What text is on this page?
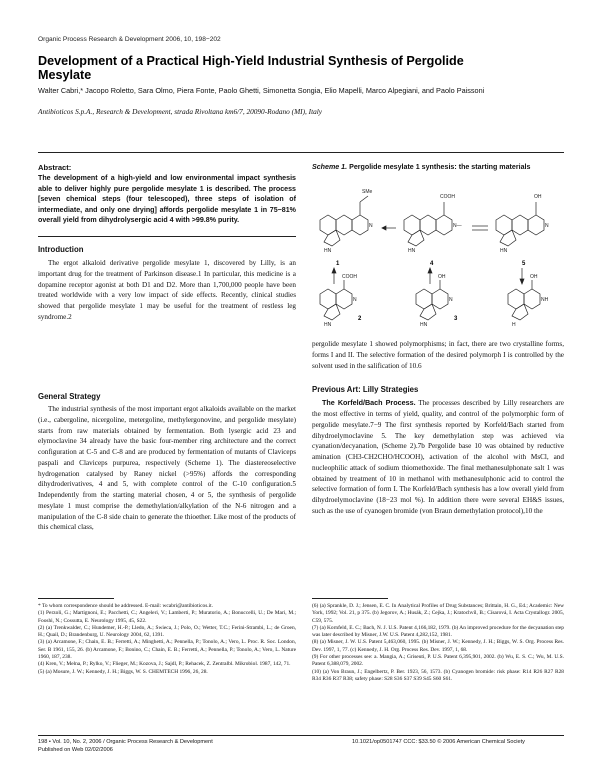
Organic Process Research & Development 2006, 10, 198−202
Development of a Practical High-Yield Industrial Synthesis of Pergolide Mesylate
Walter Cabri,* Jacopo Roletto, Sara Olmo, Piera Fonte, Paolo Ghetti, Simonetta Songia, Elio Mapelli, Marco Alpegiani, and Paolo Paissoni
Antibioticos S.p.A., Research & Development, strada Rivoltana km6/7, 20090-Rodano (MI), Italy
Abstract:
The development of a high-yield and low environmental impact synthesis able to deliver highly pure pergolide mesylate 1 is described. The process [seven chemical steps (four telescoped), three steps of isolation of intermediate, and only one drying] affords pergolide mesylate 1 in 75−81% overall yield from dihydrolysergic acid 4 with >99.8% purity.
Scheme 1. Pergolide mesylate 1 synthesis: the starting materials
SMe
N
HN
1
COOH
N—
HN
4
OH
N
HN
5
COOH
N
HN
2
OH
N
HN
3
OH
NH
H
Introduction

The ergot alkaloid derivative pergolide mesylate 1, discovered by Lilly, is an important drug for the treatment of Parkinson disease.1 In particular, this medicine is a dopamine receptor agonist at both D1 and D2. More than 1,700,000 people have been treated worldwide with a very low impact of side effects. Recently, clinical studies showed that pergolide mesylate 1 may be useful for the treatment of restless leg syndrome.2

General Strategy

The industrial synthesis of the most important ergot alkaloids available on the market (i.e., cabergoline, nicergoline, metergoline, methylergonovine, and pergolide mesylate) starts from raw materials obtained by fermentation. Both lysergic acid 23 and elymoclavine 34 already have the basic four-member ring architecture and the correct configuration at C-5 and C-8 and are produced by fermentation of mutants of Claviceps paspali and Claviceps purpurea, respectively (Scheme 1). The diastereoselective hydrogenation catalysed by Raney nickel (>95%) affords the corresponding dihydroderivatives, 4 and 5, with complete control of the C-10 configuration.5 Independently from the starting material chosen, 4 or 5, the synthesis of pergolide mesylate 1 must comprise the demethylation/alkylation of the N-6 nitrogen and a manipulation of the C-8 side chain to generate the thioether. Like most of the products of this chemical class,

pergolide mesylate 1 showed polymorphisms; in fact, there are two crystalline forms, forms I and II. The selective formation of the desired polymorph I is controlled by the solvent used in the salification of 10.6

Previous Art: Lilly Strategies

The Korfeld/Bach Process. The processes described by Lilly researchers are the most effective in terms of yield, quality, and control of the polymorphic form of pergolide mesylate.7−9 The first synthesis reported by Korfeld/Bach started from dihydroelymoclavine 5. The key demethylation step was achieved via cyanation/decyanation, (Scheme 2).7b Pergolide base 10 was obtained by reductive amination (CH3-CH2CHO/HCOOH), activation of the alcohol with MsCl, and nucleophilic attack of sodium thiomethoxide. The final methanesulphonate salt 1 was obtained by treatment of 10 in methanol with methanesulphonic acid to control the selective formation of form I. The Korfeld/Bach synthesis has a low overall yield from dihydroelymoclavine (18−23 mol %). In addition there were several EH&S issues, such as the use of cyanogen bromide (von Braun demethylation protocol),10 the

* To whom correspondence should be addressed. E-mail: wcabri@antibioticos.it.

(1) Perzoli, G.; Martignoni, E.; Pacchetti, C.; Angeleri, V.; Lamberti, P.; Muratorio, A.; Bonuccelli, U.; De Mari, M.; Fooshi, N.; Cossutta, E. Neurology 1995, 45, S22.

(2) (a) Trenkwalder, C.; Hundemer, H.-P.; Lledo, A.; Swieca, J.; Polo, O.; Wetter, T.C.; Ferini-Strambi, L.; de Groen, H.; Quail, D.; Brandenburg, U. Neurology 2004, 62, 1391.

(3) (a) Arcamone, F.; Chain, E. B.; Ferretti, A.; Minghetti, A.; Pennella, P.; Tonolo, A.; Vero, L. Proc. R. Soc. London, Ser. B 1961, 155, 26. (b) Arcamone, F.; Bonino, C.; Chain, E. B.; Ferretti, A.; Pennella, P.; Tonolo, A.; Vero, L. Nature 1960, 187, 238.

(4) Kren, V.; Melna, P.; Rylko, V.; Flieger, M.; Kozova, J.; Sajdl, P.; Rehacek, Z. Zentralbl. Mikrobiol. 1987, 142, 71.

(5) (a) Mosure, J. W.; Kennedy, J. H.; Biggs, W. S. CHEMTECH 1996, 26, 28.

(6) (a) Sprankle, D. J.; Jensen, E. C. In Analytical Profiles of Drug Substances; Brittain, H. G., Ed.; Academic: New York, 1992; Vol. 21, p 375. (b) Jegorov, A.; Husák, Z.; Cejka, J.; Kratochvíl, B.; Císarová, I. Acta Crystallogr. 2005, C59, 575.

(7) (a) Kornfeld, E. C.; Bach, N. J. U.S. Patent 4,166,182, 1979. (b) An improved procedure for the decyanation step was later described by Misner, J.W. U.S. Patent 4,282,152, 1981.

(8) (a) Misner, J. W. U.S. Patent 5,463,060, 1995. (b) Misner, J. W.; Kennedy, J. H.; Biggs, W. S. Org. Process Res. Dev. 1997, 1, 77. (c) Kennedy, J. H. Org. Process Res. Dev. 1997, 1, 68.

(9) For other processes see: a. Mangia, A.; Griseuti, P. U.S. Patent 6,395,901, 2002. (b) Wu, E. S. C.; Wu, M. U.S. Patent 6,388,079, 2002.

(10) (a) Von Braun, J.; Engelbertz, P. Ber. 1923, 56, 1573. (b) Cyanogen bromide: risk phase: R14 R26 R27 R28 R34 R36 R37 R38; safety phase: S28 S36 S37 S39 S45 S60 S61.

198 • Vol. 10, No. 2, 2006 / Organic Process Research & Development
Published on Web 02/02/2006
10.1021/op0501747 CCC: $33.50 © 2006 American Chemical Society
